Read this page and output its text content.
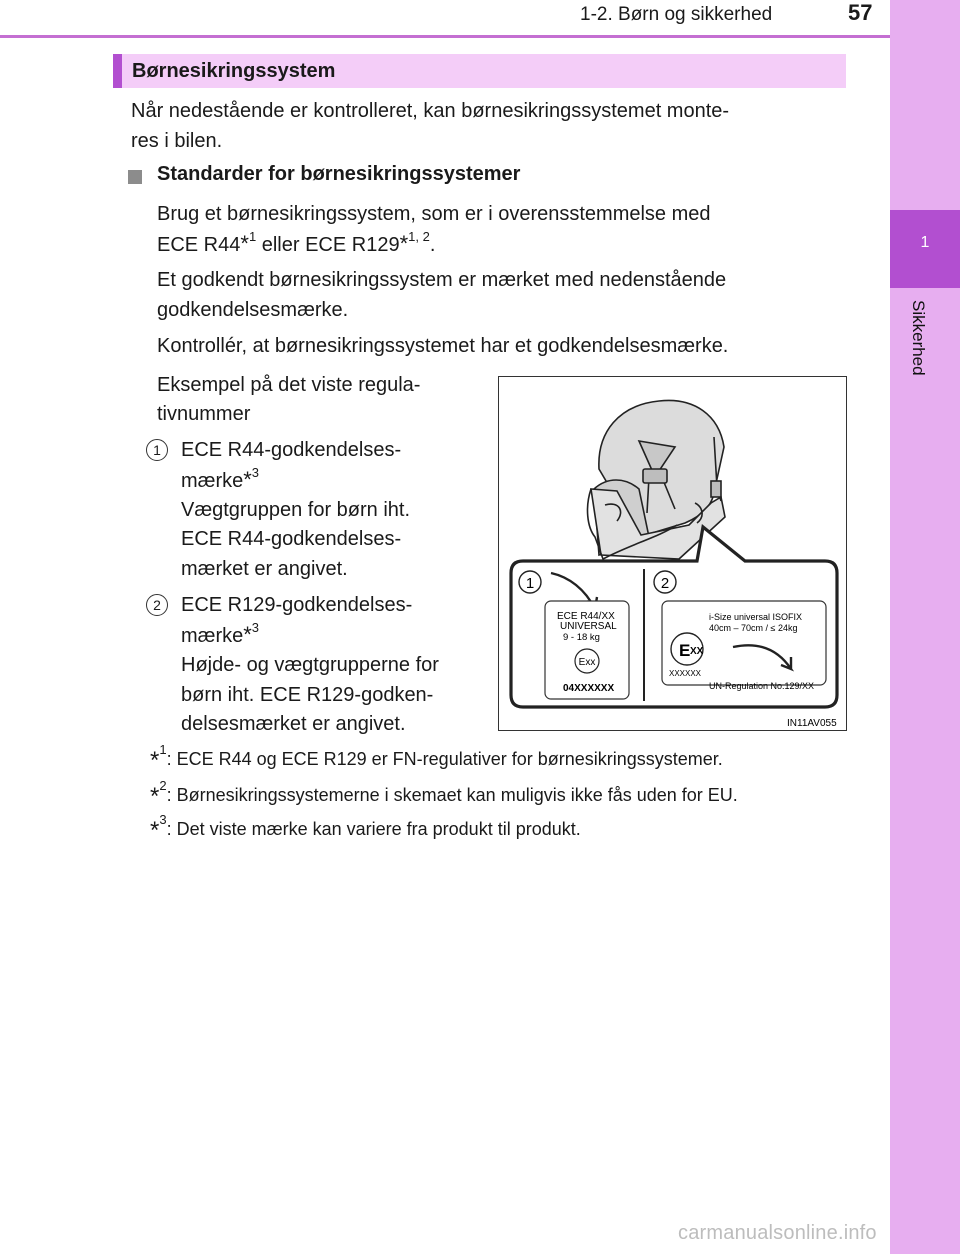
1-2. Børn og sikkerhed	57
1
Sikkerhed
Børnesikringssystem

Når nedestående er kontrolleret, kan børnesikringssystemet monte-

res i bilen.

Standarder for børnesikringssystemer

Brug et børnesikringssystem, som er i overensstemmelse med

ECE R44*$^1$ eller ECE R129*$^{1, 2}$.

Et godkendt børnesikringssystem er mærket med nedenstående

godkendelsesmærke.

Kontrollér, at børnesikringssystemet har et godkendelsesmærke.

Eksempel på det viste regula-

tivnummer

1	ECE R44-godkendelses-

mærke*$^3$

Vægtgruppen for børn iht.

ECE R44-godkendelses-

mærket er angivet.

2	ECE R129-godkendelses-

mærke*$^3$

Højde- og vægtgrupperne for

børn iht. ECE R129-godken-

delsesmærket er angivet.

1	2
ECE R44/XX
UNIVERSAL
9 - 18 kg
Exx
04XXXXXX
i-Size universal ISOFIX
40cm – 70cm / ≤ 24kg
E XX
XXXXXX
UN-Regulation No.129/XX
IN11AV055
*$^1$: ECE R44 og ECE R129 er FN-regulativer for børnesikringssystemer.
*$^2$: Børnesikringssystemerne i skemaet kan muligvis ikke fås uden for EU.
*$^3$: Det viste mærke kan variere fra produkt til produkt.
carmanualsonline.info
